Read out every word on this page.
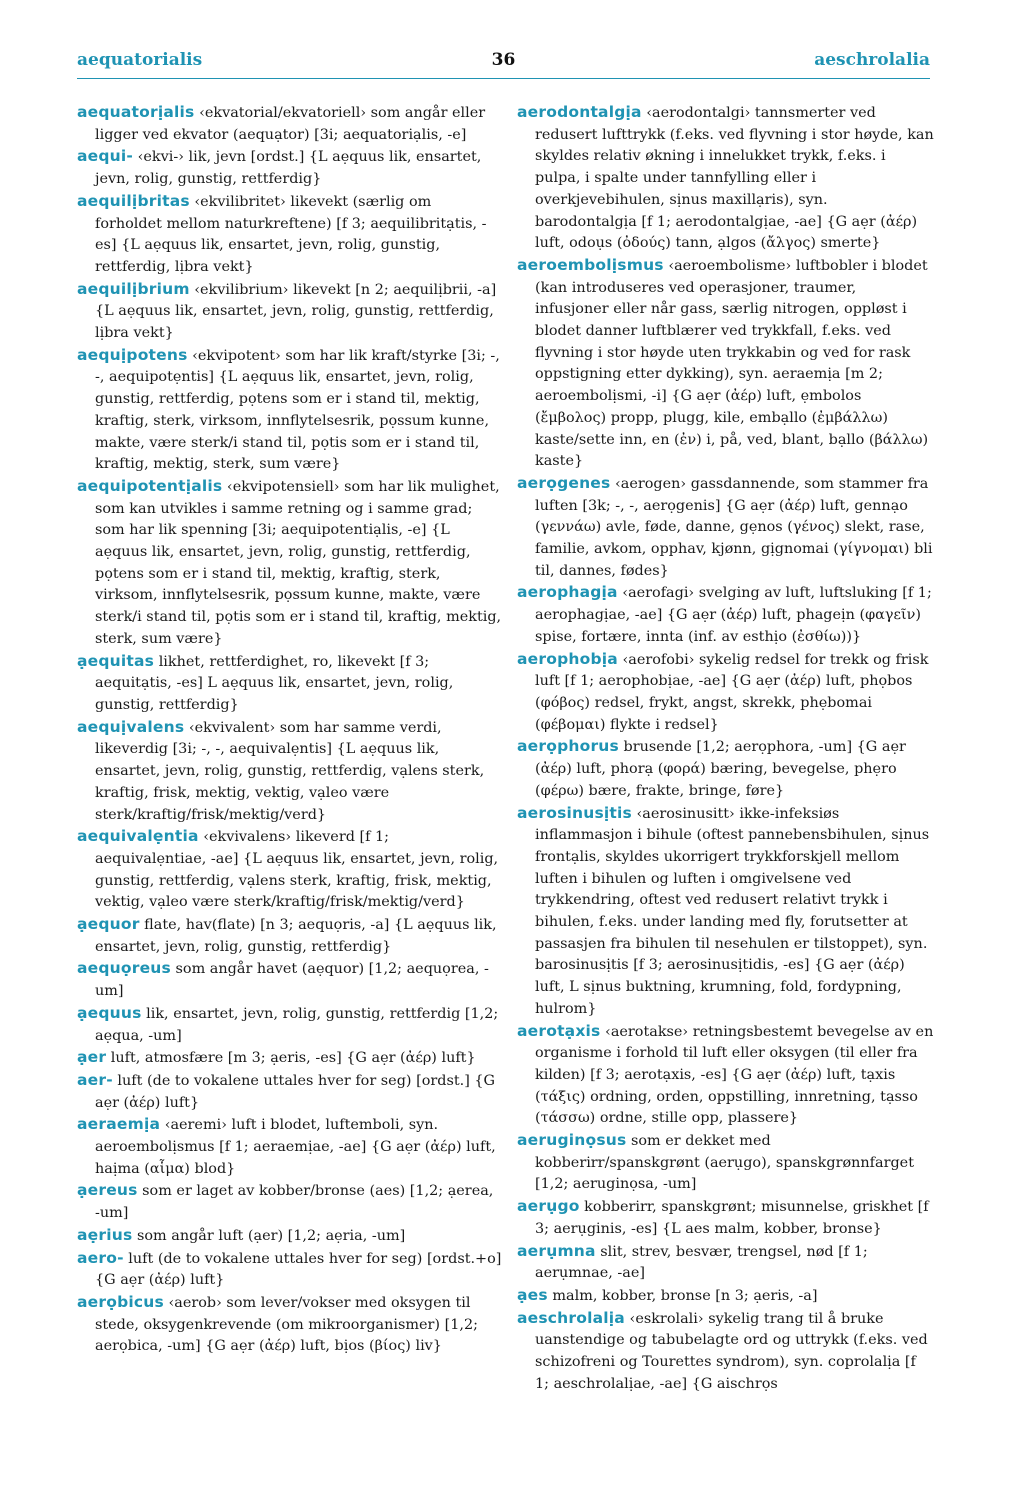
aequatorialis	36	aeschrolalia

aequatorịalis ‹ekvatorial/ekvatoriell› som angår eller ligger ved ekvator (aequạtor) [3i; aequatoriạlis, -e]

aequi- ‹ekvi-› lik, jevn [ordst.] {L aẹquus lik, ensartet, jevn, rolig, gunstig, rettferdig}

aequilịbritas ‹ekvilibritet› likevekt (særlig om forholdet mellom naturkreftene) [f 3; aequilibritạtis, -es] {L aẹquus lik, ensartet, jevn, rolig, gunstig, rettferdig, lịbra vekt}

aequilịbrium ‹ekvilibrium› likevekt [n 2; aequilịbrii, -a] {L aẹquus lik, ensartet, jevn, rolig, gunstig, rettferdig, lịbra vekt}

aequịpotens ‹ekvipotent› som har lik kraft/styrke [3i; -, -, aequipotẹntis] {L aẹquus lik, ensartet, jevn, rolig, gunstig, rettferdig, pọtens som er i stand til, mektig, kraftig, sterk, virksom, innflytelsesrik, pọssum kunne, makte, være sterk/i stand til, pọtis som er i stand til, kraftig, mektig, sterk, sum være}

aequipotentịalis ‹ekvipotensiell› som har lik mulighet, som kan utvikles i samme retning og i samme grad; som har lik spenning [3i; aequipotentiạlis, -e] {L aẹquus lik, ensartet, jevn, rolig, gunstig, rettferdig, pọtens som er i stand til, mektig, kraftig, sterk, virksom, innflytelsesrik, pọssum kunne, makte, være sterk/i stand til, pọtis som er i stand til, kraftig, mektig, sterk, sum være}

ạequitas likhet, rettferdighet, ro, likevekt [f 3; aequitạtis, -es] L aẹquus lik, ensartet, jevn, rolig, gunstig, rettferdig}

aequịvalens ‹ekvivalent› som har samme verdi, likeverdig [3i; -, -, aequivalẹntis] {L aẹquus lik, ensartet, jevn, rolig, gunstig, rettferdig, vạlens sterk, kraftig, frisk, mektig, vektig, vạleo være sterk/kraftig/frisk/mektig/verd}

aequivalẹntia ‹ekvivalens› likeverd [f 1; aequivalẹntiae, -ae] {L aẹquus lik, ensartet, jevn, rolig, gunstig, rettferdig, vạlens sterk, kraftig, frisk, mektig, vektig, vạleo være sterk/kraftig/frisk/mektig/verd}

ạequor flate, hav(flate) [n 3; aequọris, -a] {L aẹquus lik, ensartet, jevn, rolig, gunstig, rettferdig}

aequọreus som angår havet (aẹquor) [1,2; aequọrea, -um]

ạequus lik, ensartet, jevn, rolig, gunstig, rettferdig [1,2; aẹqua, -um]

ạer luft, atmosfære [m 3; ạeris, -es] {G aẹr (ἀέρ) luft}

aer- luft (de to vokalene uttales hver for seg) [ordst.] {G aẹr (ἀέρ) luft}

aeraemịa ‹aeremi› luft i blodet, luftemboli, syn. aeroembolịsmus [f 1; aeraemịae, -ae] {G aẹr (ἀέρ) luft, haịma (αἷμα) blod}

ạereus som er laget av kobber/bronse (aes) [1,2; ạerea, -um]

aẹrius som angår luft (ạer) [1,2; aẹria, -um]

aero- luft (de to vokalene uttales hver for seg) [ordst.+o] {G aẹr (ἀέρ) luft}

aerọbicus ‹aerob› som lever/vokser med oksygen til stede, oksygenkrevende (om mikroorganismer) [1,2; aerọbica, -um] {G aẹr (ἀέρ) luft, bịos (βίος) liv}

aerodontalgịa ‹aerodontalgi› tannsmerter ved redusert lufttrykk (f.eks. ved flyvning i stor høyde, kan skyldes relativ økning i innelukket trykk, f.eks. i pulpa, i spalte under tannfylling eller i overkjevebihulen, sịnus maxillạris), syn. barodontalgịa [f 1; aerodontalgịae, -ae] {G aẹr (ἀέρ) luft, odoụs (ὀδούς) tann, ạlgos (ἄλγος) smerte}

aeroembolịsmus ‹aeroembolisme› luftbobler i blodet (kan introduseres ved operasjoner, traumer, infusjoner eller når gass, særlig nitrogen, oppløst i blodet danner luftblærer ved trykkfall, f.eks. ved flyvning i stor høyde uten trykkabin og ved for rask oppstigning etter dykking), syn. aeraemịa [m 2; aeroembolịsmi, -i] {G aẹr (ἀέρ) luft, ẹmbolos (ἔμβολος) propp, plugg, kile, embạllo (ἐμβάλλω) kaste/sette inn, en (ἐν) i, på, ved, blant, bạllo (βάλλω) kaste}

aerọgenes ‹aerogen› gassdannende, som stammer fra luften [3k; -, -, aerọgenis] {G aẹr (ἀέρ) luft, gennạo (γεννάω) avle, føde, danne, gẹnos (γένος) slekt, rase, familie, avkom, opphav, kjønn, gịgnomai (γίγνομαι) bli til, dannes, fødes}

aerophagịa ‹aerofagi› svelging av luft, luftsluking [f 1; aerophagịae, -ae] {G aẹr (ἀέρ) luft, phageịn (φαγεῖν) spise, fortære, innta (inf. av esthịo (ἐσθίω))}

aerophobịa ‹aerofobi› sykelig redsel for trekk og frisk luft [f 1; aerophobịae, -ae] {G aẹr (ἀέρ) luft, phọbos (φόβος) redsel, frykt, angst, skrekk, phẹbomai (φέβομαι) flykte i redsel}

aerọphorus brusende [1,2; aerọphora, -um] {G aẹr (ἀέρ) luft, phorạ (φορά) bæring, bevegelse, phẹro (φέρω) bære, frakte, bringe, føre}

aerosinusịtis ‹aerosinusitt› ikke-infeksiøs inflammasjon i bihule (oftest pannebensbihulen, sịnus frontạlis, skyldes ukorrigert trykkforskjell mellom luften i bihulen og luften i omgivelsene ved trykkendring, oftest ved redusert relativt trykk i bihulen, f.eks. under landing med fly, forutsetter at passasjen fra bihulen til nesehulen er tilstoppet), syn. barosinusịtis [f 3; aerosinusịtidis, -es] {G aẹr (ἀέρ) luft, L sịnus buktning, krumning, fold, fordypning, hulrom}

aerotạxis ‹aerotakse› retningsbestemt bevegelse av en organisme i forhold til luft eller oksygen (til eller fra kilden) [f 3; aerotạxis, -es] {G aẹr (ἀέρ) luft, tạxis (τάξις) ordning, orden, oppstilling, innretning, tạsso (τάσσω) ordne, stille opp, plassere}

aeruginọsus som er dekket med kobberirr/spanskgrønt (aerụgo), spanskgrønnfarget [1,2; aeruginọsa, -um]

aerụgo kobberirr, spanskgrønt; misunnelse, griskhet [f 3; aerụginis, -es] {L aes malm, kobber, bronse}

aerụmna slit, strev, besvær, trengsel, nød [f 1; aerụmnae, -ae]

ạes malm, kobber, bronse [n 3; ạeris, -a]

aeschrolalịa ‹eskrolali› sykelig trang til å bruke uanstendige og tabubelagte ord og uttrykk (f.eks. ved schizofreni og Tourettes syndrom), syn. coprolalịa [f 1; aeschrolalịae, -ae] {G aischrọs
